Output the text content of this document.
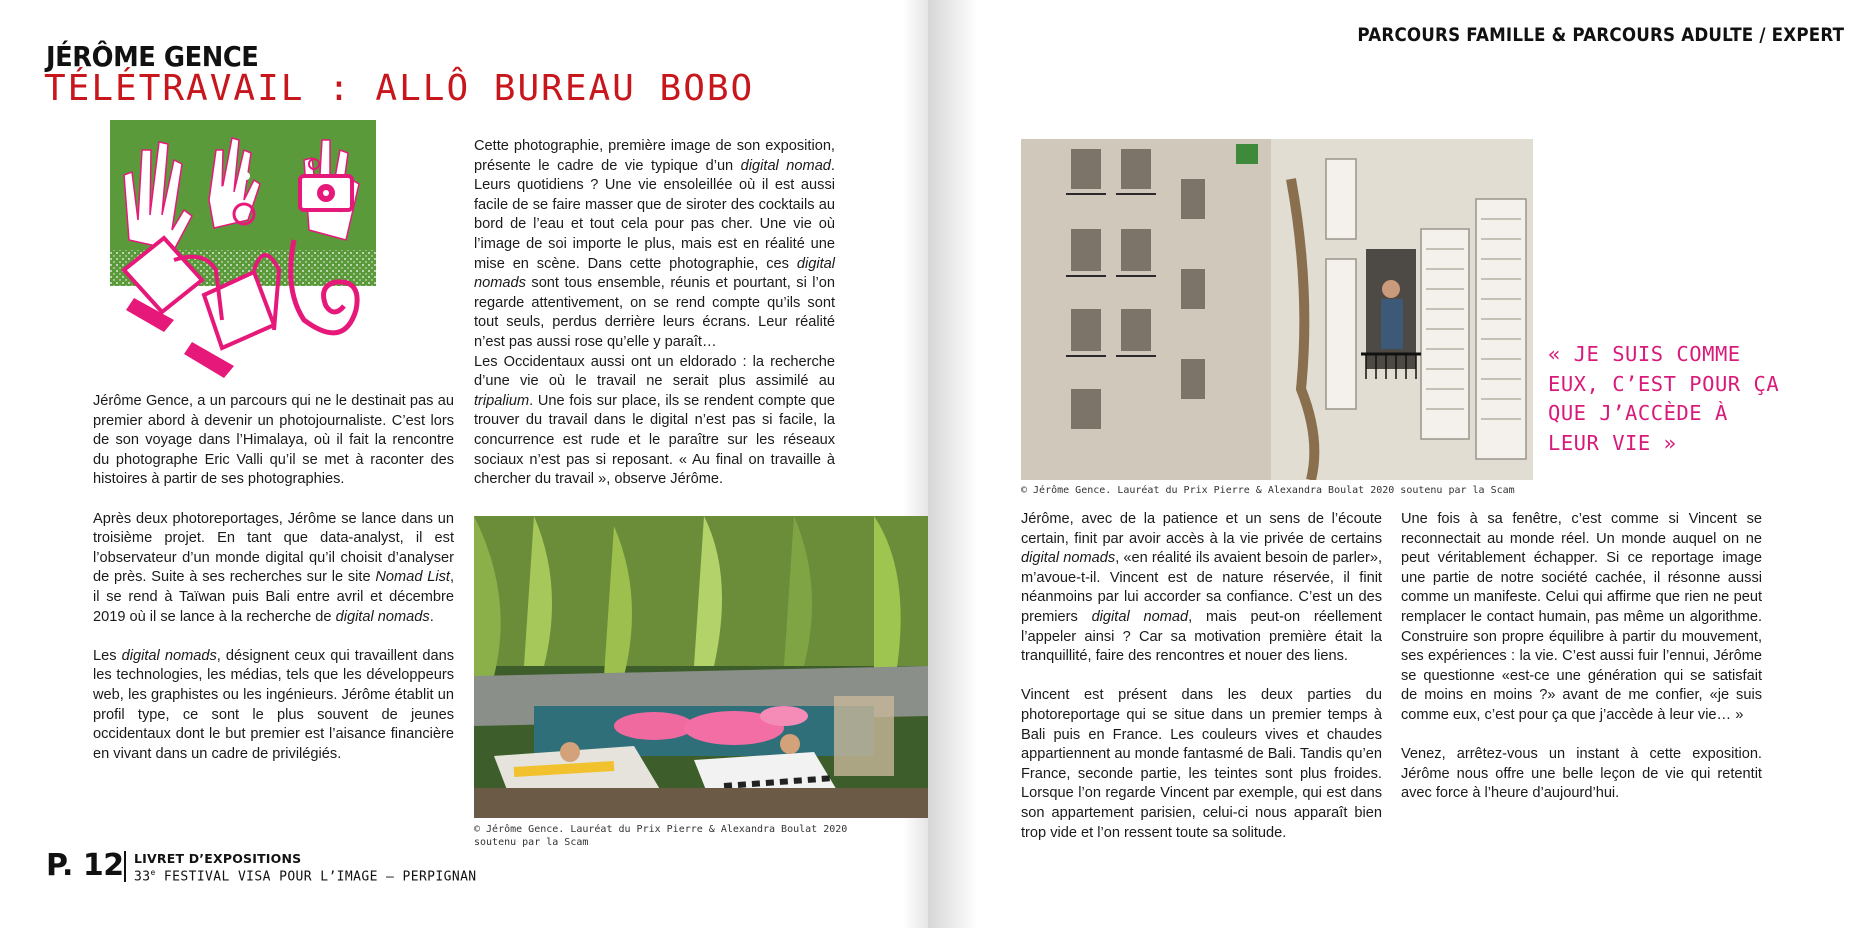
JÉRÔME GENCE
TÉLÉTRAVAIL : ALLÔ BUREAU BOBO

Jérôme Gence, a un parcours qui ne le destinait pas au premier abord à devenir un photojournaliste. C’est lors de son voyage dans l’Himalaya, où il fait la rencontre du photographe Eric Valli qu’il se met à raconter des histoires à partir de ses photographies.

Après deux photoreportages, Jérôme se lance dans un troisième projet. En tant que data-analyst, il est l’observateur d’un monde digital qu’il choisit d’analyser de près. Suite à ses recherches sur le site Nomad List, il se rend à Taïwan puis Bali entre avril et décembre 2019 où il se lance à la recherche de digital nomads.

Les digital nomads, désignent ceux qui travaillent dans les technologies, les médias, tels que les développeurs web, les graphistes ou les ingénieurs. Jérôme établit un profil type, ce sont le plus souvent de jeunes occidentaux dont le but premier est l’aisance financière en vivant dans un cadre de privilégiés.

Cette photographie, première image de son exposition, présente le cadre de vie typique d’un digital nomad. Leurs quotidiens ? Une vie ensoleillée où il est aussi facile de se faire masser que de siroter des cocktails au bord de l’eau et tout cela pour pas cher. Une vie où l’image de soi importe le plus, mais est en réalité une mise en scène. Dans cette photographie, ces digital nomads sont tous ensemble, réunis et pourtant, si l’on regarde attentivement, on se rend compte qu’ils sont tout seuls, perdus derrière leurs écrans. Leur réalité n’est pas aussi rose qu’elle y paraît…

Les Occidentaux aussi ont un eldorado : la recherche d’une vie où le travail ne serait plus assimilé au tripalium. Une fois sur place, ils se rendent compte que trouver du travail dans le digital n’est pas si facile, la concurrence est rude et le paraître sur les réseaux sociaux n’est pas si reposant. « Au final on travaille à chercher du travail », observe Jérôme.

© Jérôme Gence. Lauréat du Prix Pierre & Alexandra Boulat 2020 soutenu par la Scam
P. 12 LIVRET D’EXPOSITIONS
33e FESTIVAL VISA POUR L’IMAGE – PERPIGNAN
PARCOURS FAMILLE & PARCOURS ADULTE / EXPERT
© Jérôme Gence. Lauréat du Prix Pierre & Alexandra Boulat 2020 soutenu par la Scam
« JE SUIS COMME EUX, C’EST POUR ÇA QUE J’ACCÈDE À LEUR VIE »

Jérôme, avec de la patience et un sens de l’écoute certain, finit par avoir accès à la vie privée de certains digital nomads, «en réalité ils avaient besoin de parler», m’avoue-t-il. Vincent est de nature réservée, il finit néanmoins par lui accorder sa confiance. C’est un des premiers digital nomad, mais peut-on réellement l’appeler ainsi ? Car sa motivation première était la tranquillité, faire des rencontres et nouer des liens.

Vincent est présent dans les deux parties du photoreportage qui se situe dans un premier temps à Bali puis en France. Les couleurs vives et chaudes appartiennent au monde fantasmé de Bali. Tandis qu’en France, seconde partie, les teintes sont plus froides. Lorsque l’on regarde Vincent par exemple, qui est dans son appartement parisien, celui-ci nous apparaît bien trop vide et l’on ressent toute sa solitude.

Une fois à sa fenêtre, c’est comme si Vincent se reconnectait au monde réel. Un monde auquel on ne peut véritablement échapper. Si ce reportage image une partie de notre société cachée, il résonne aussi comme un manifeste. Celui qui affirme que rien ne peut remplacer le contact humain, pas même un algorithme. Construire son propre équilibre à partir du mouvement, ses expériences : la vie. C’est aussi fuir l’ennui, Jérôme se questionne «est-ce une génération qui se satisfait de moins en moins ?» avant de me confier, «je suis comme eux, c’est pour ça que j’accède à leur vie… »

Venez, arrêtez-vous un instant à cette exposition. Jérôme nous offre une belle leçon de vie qui retentit avec force à l’heure d’aujourd’hui.
